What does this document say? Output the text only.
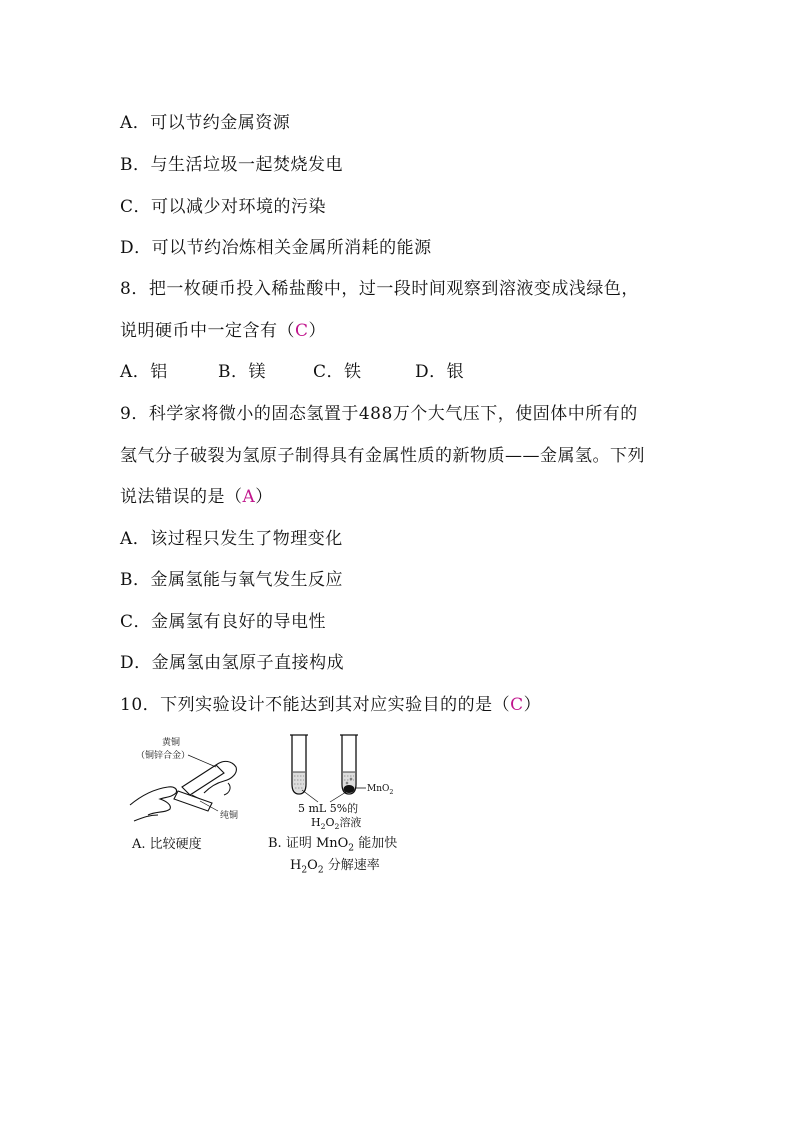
A．可以节约金属资源
B．与生活垃圾一起焚烧发电
C．可以减少对环境的污染
D．可以节约冶炼相关金属所消耗的能源
8．把一枚硬币投入稀盐酸中，过一段时间观察到溶液变成浅绿色，
说明硬币中一定含有（C）
A．铝	B．镁	C．铁	D．银
9．科学家将微小的固态氢置于488万个大气压下，使固体中所有的
氢气分子破裂为氢原子制得具有金属性质的新物质——金属氢。下列
说法错误的是（A）
A．该过程只发生了物理变化
B．金属氢能与氧气发生反应
C．金属氢有良好的导电性
D．金属氢由氢原子直接构成
10．下列实验设计不能达到其对应实验目的的是（C）
黄铜
（铜锌合金）
纯铜
A. 比较硬度
MnO$_2$
5 mL 5%的
$H_2O_2$溶液
B. 证明 MnO$_2$ 能加快
$H_2O_2$ 分解速率
